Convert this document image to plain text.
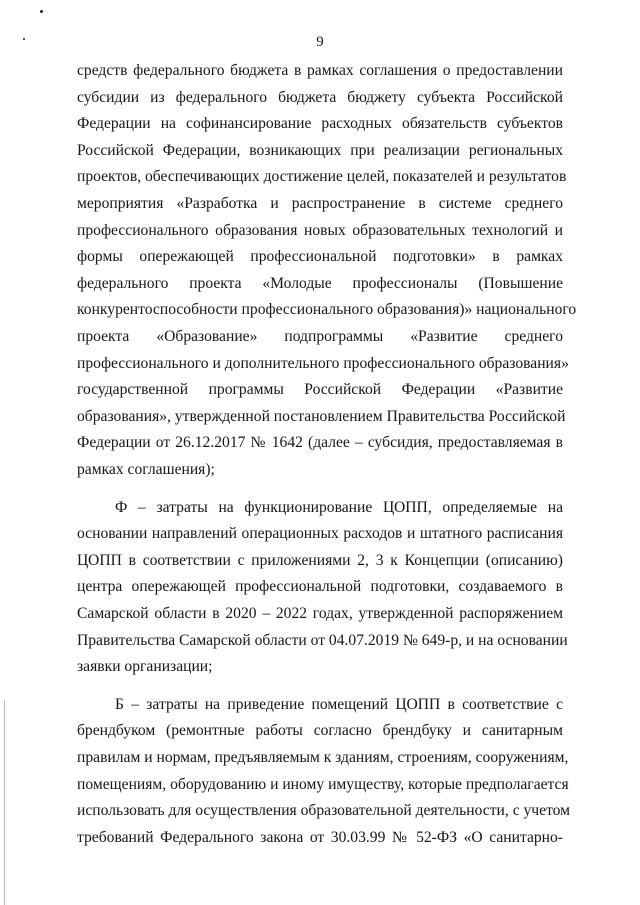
9
средств федерального бюджета в рамках соглашения о предоставлении
субсидии из федерального бюджета бюджету субъекта Российской
Федерации на софинансирование расходных обязательств субъектов
Российской Федерации, возникающих при реализации региональных
проектов, обеспечивающих достижение целей, показателей и результатов
мероприятия «Разработка и распространение в системе среднего
профессионального образования новых образовательных технологий и
формы опережающей профессиональной подготовки» в рамках
федерального проекта «Молодые профессионалы (Повышение
конкурентоспособности профессионального образования)» национального
проекта «Образование» подпрограммы «Развитие среднего
профессионального и дополнительного профессионального образования»
государственной программы Российской Федерации «Развитие
образования», утвержденной постановлением Правительства Российской
Федерации от 26.12.2017 № 1642 (далее – субсидия, предоставляемая в
рамках соглашения);
Ф – затраты на функционирование ЦОПП, определяемые на
основании направлений операционных расходов и штатного расписания
ЦОПП в соответствии с приложениями 2, 3 к Концепции (описанию)
центра опережающей профессиональной подготовки, создаваемого в
Самарской области в 2020 – 2022 годах, утвержденной распоряжением
Правительства Самарской области от 04.07.2019 № 649-р, и на основании
заявки организации;
Б – затраты на приведение помещений ЦОПП в соответствие с
брендбуком (ремонтные работы согласно брендбуку и санитарным
правилам и нормам, предъявляемым к зданиям, строениям, сооружениям,
помещениям, оборудованию и иному имуществу, которые предполагается
использовать для осуществления образовательной деятельности, с учетом
требований Федерального закона от 30.03.99 № 52-ФЗ «О санитарно-
